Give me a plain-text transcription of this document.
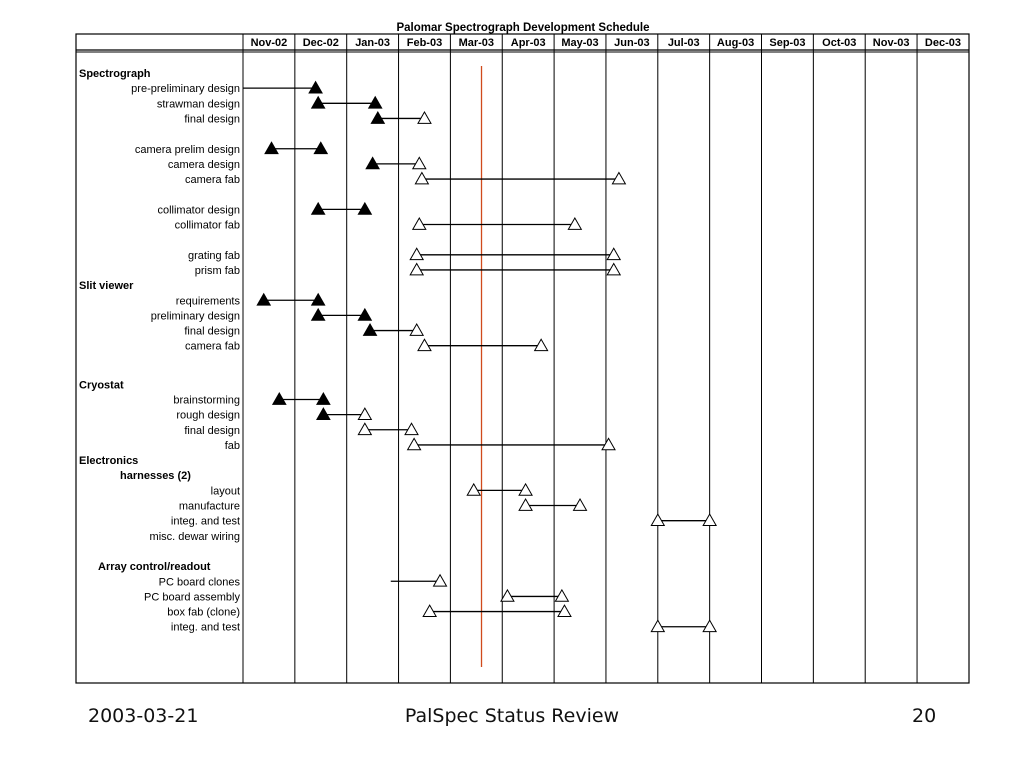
Palomar Spectrograph Development Schedule
Nov-02 Dec-02 Jan-03 Feb-03 Mar-03 Apr-03 May-03 Jun-03 Jul-03 Aug-03 Sep-03 Oct-03 Nov-03 Dec-03
Spectrograph
pre-preliminary design
strawman design
final design
camera prelim design
camera design
camera fab
collimator design
collimator fab
grating fab
prism fab
Slit viewer
requirements
preliminary design
final design
camera fab
Cryostat
brainstorming
rough design
final design
fab
Electronics
harnesses (2)
layout
manufacture
integ. and test
misc. dewar wiring
Array control/readout
PC board clones
PC board assembly
box fab (clone)
integ. and test
2003-03-21	PalSpec Status Review	20
